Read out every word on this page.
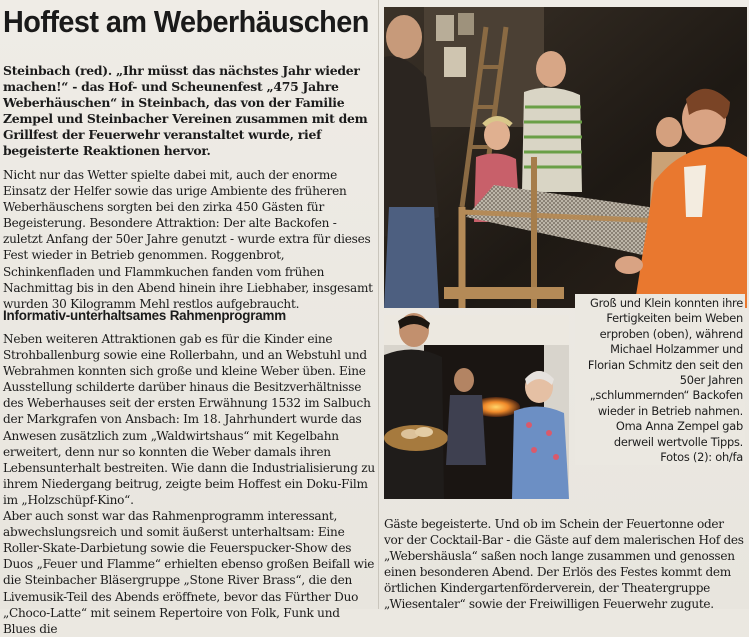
Hoffest am Weberhäuschen
Steinbach (red). „Ihr müsst das nächstes Jahr wieder machen!“ - das Hof- und Scheunenfest „475 Jahre Weberhäuschen“ in Steinbach, das von der Familie Zempel und Steinbacher Vereinen zusammen mit dem Grillfest der Feuerwehr veranstaltet wurde, rief begeisterte Reaktionen hervor.
Nicht nur das Wetter spielte dabei mit, auch der enorme Einsatz der Helfer sowie das urige Ambiente des früheren Weberhäuschens sorgten bei den zirka 450 Gästen für Begeisterung. Besondere Attraktion: Der alte Backofen - zuletzt Anfang der 50er Jahre genutzt - wurde extra für dieses Fest wieder in Betrieb genommen. Roggenbrot, Schinkenfladen und Flammkuchen fanden vom frühen Nachmittag bis in den Abend hinein ihre Liebhaber, insgesamt wurden 30 Kilogramm Mehl restlos aufgebraucht.
Informativ-unterhaltsames Rahmenprogramm

Neben weiteren Attraktionen gab es für die Kinder eine Strohballenburg sowie eine Rollerbahn, und an Webstuhl und Webrahmen konnten sich große und kleine Weber üben. Eine Ausstellung schilderte darüber hinaus die Besitzverhältnisse des Weberhauses seit der ersten Erwähnung 1532 im Salbuch der Markgrafen von Ansbach: Im 18. Jahrhundert wurde das Anwesen zusätzlich zum „Waldwirtshaus“ mit Kegelbahn erweitert, denn nur so konnten die Weber damals ihren Lebensunterhalt bestreiten. Wie dann die Industrialisierung zu ihrem Niedergang beitrug, zeigte beim Hoffest ein Doku-Film im „Holzschüpf-Kino“.

Aber auch sonst war das Rahmenprogramm interessant, abwechslungsreich und somit äußerst unterhaltsam: Eine Roller-Skate-Darbietung sowie die Feuerspucker-Show des Duos „Feuer und Flamme“ erhielten ebenso großen Beifall wie die Steinbacher Bläsergruppe „Stone River Brass“, die den Livemusik-Teil des Abends eröffnete, bevor das Fürther Duo „Choco-Latte“ mit seinem Repertoire von Folk, Funk und Blues die

Groß und Klein konnten ihre Fertigkeiten beim Weben erproben (oben), während Michael Holzammer und Florian Schmitz den seit den 50er Jahren „schlummernden“ Backofen wieder in Betrieb nahmen. Oma Anna Zempel gab derweil wertvolle Tipps.
Fotos (2): oh/fa
Gäste begeisterte. Und ob im Schein der Feuertonne oder vor der Cocktail-Bar - die Gäste auf dem malerischen Hof des „Webershäusla“ saßen noch lange zusammen und genossen einen besonderen Abend. Der Erlös des Festes kommt dem örtlichen Kindergartenförderverein, der Theatergruppe „Wiesentaler“ sowie der Freiwilligen Feuerwehr zugute.
